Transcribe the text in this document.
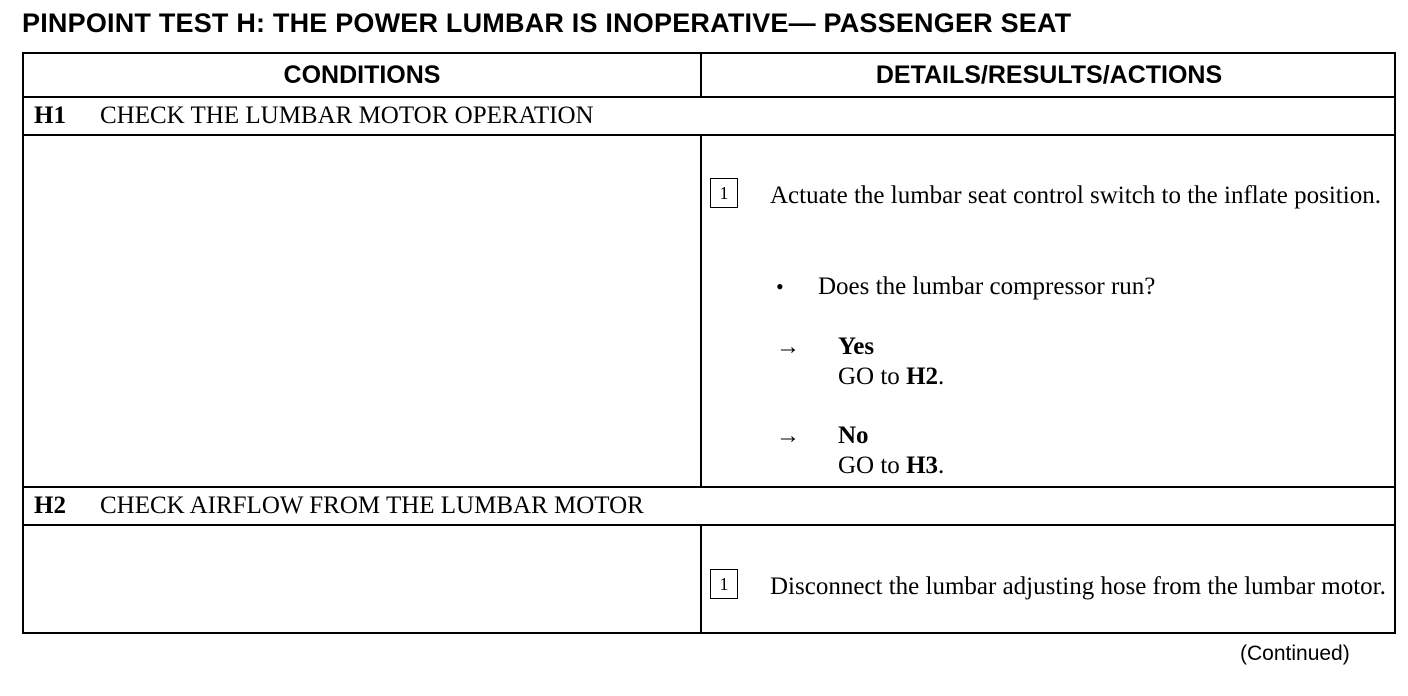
PINPOINT TEST H: THE POWER LUMBAR IS INOPERATIVE— PASSENGER SEAT
CONDITIONS	DETAILS/RESULTS/ACTIONS
H1	CHECK THE LUMBAR MOTOR OPERATION
1	Actuate the lumbar seat control switch to the inflate position.
• Does the lumbar compressor run?
→ Yes
GO to H2.
→ No
GO to H3.
H2	CHECK AIRFLOW FROM THE LUMBAR MOTOR
1	Disconnect the lumbar adjusting hose from the lumbar motor.
(Continued)
